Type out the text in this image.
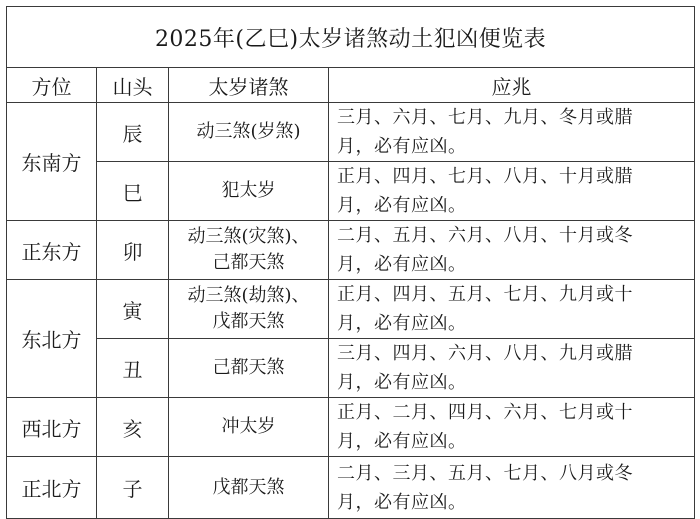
2025年(乙巳)太岁诸煞动土犯凶便览表			
方位	山头	太岁诸煞	应兆
东南方	辰	动三煞(岁煞)	三月、六月、七月、九月、冬月或腊
月，必有应凶。

	巳	犯太岁	正月、四月、七月、八月、十月或腊
月，必有应凶。

正东方	卯	动三煞(灾煞)、
己都天煞	二月、五月、六月、八月、十月或冬
月，必有应凶。

东北方	寅	动三煞(劫煞)、
戊都天煞	正月、四月、五月、七月、九月或十
月，必有应凶。

	丑	己都天煞	三月、四月、六月、八月、九月或腊
月，必有应凶。

西北方	亥	冲太岁	正月、二月、四月、六月、七月或十
月，必有应凶。

正北方	子	戊都天煞	二月、三月、五月、七月、八月或冬
月，必有应凶。
